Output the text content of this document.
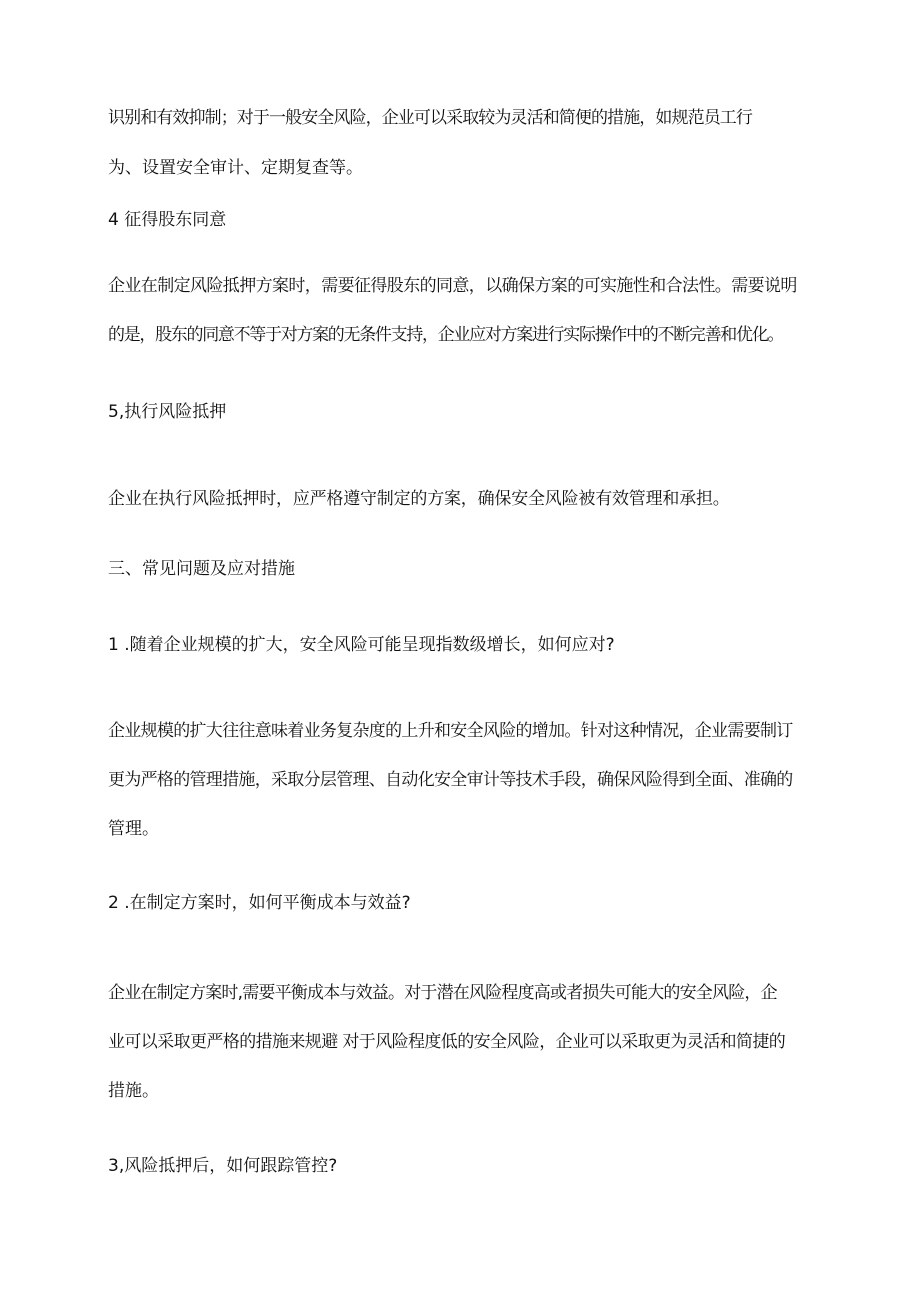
识别和有效抑制；对于一般安全风险，企业可以采取较为灵活和简便的措施，如规范员工行

为、设置安全审计、定期复查等。

4 征得股东同意

企业在制定风险抵押方案时，需要征得股东的同意，以确保方案的可实施性和合法性。需要说明

的是，股东的同意不等于对方案的无条件支持，企业应对方案进行实际操作中的不断完善和优化。

5,执行风险抵押

企业在执行风险抵押时，应严格遵守制定的方案，确保安全风险被有效管理和承担。

三、常见问题及应对措施

1 .随着企业规模的扩大，安全风险可能呈现指数级增长，如何应对?

企业规模的扩大往往意味着业务复杂度的上升和安全风险的增加。针对这种情况，企业需要制订

更为严格的管理措施，采取分层管理、自动化安全审计等技术手段，确保风险得到全面、准确的

管理。

2 .在制定方案时，如何平衡成本与效益?

企业在制定方案时,需要平衡成本与效益。对于潜在风险程度高或者损失可能大的安全风险，企

业可以采取更严格的措施来规避 对于风险程度低的安全风险，企业可以采取更为灵活和简捷的

措施。

3,风险抵押后，如何跟踪管控?
